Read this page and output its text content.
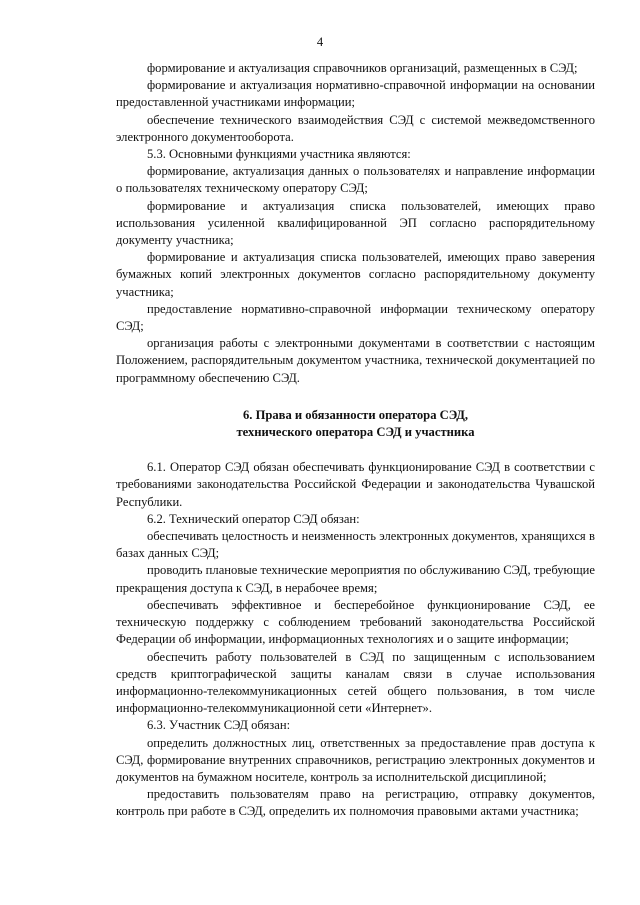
4

формирование и актуализация справочников организаций, размещенных в СЭД;

формирование и актуализация нормативно-справочной информации на основании предоставленной участниками информации;

обеспечение технического взаимодействия СЭД с системой межведомственного электронного документооборота.

5.3. Основными функциями участника являются:

формирование, актуализация данных о пользователях и направление информации о пользователях техническому оператору СЭД;

формирование и актуализация списка пользователей, имеющих право использования усиленной квалифицированной ЭП согласно распорядительному документу участника;

формирование и актуализация списка пользователей, имеющих право заверения бумажных копий электронных документов согласно распорядительному документу участника;

предоставление нормативно-справочной информации техническому оператору СЭД;

организация работы с электронными документами в соответствии с настоящим Положением, распорядительным документом участника, технической документацией по программному обеспечению СЭД.

6. Права и обязанности оператора СЭД,
технического оператора СЭД и участника

6.1. Оператор СЭД обязан обеспечивать функционирование СЭД в соответствии с требованиями законодательства Российской Федерации и законодательства Чувашской Республики.

6.2. Технический оператор СЭД обязан:

обеспечивать целостность и неизменность электронных документов, хранящихся в базах данных СЭД;

проводить плановые технические мероприятия по обслуживанию СЭД, требующие прекращения доступа к СЭД, в нерабочее время;

обеспечивать эффективное и бесперебойное функционирование СЭД, ее техническую поддержку с соблюдением требований законодательства Российской Федерации об информации, информационных технологиях и о защите информации;

обеспечить работу пользователей в СЭД по защищенным с использованием средств криптографической защиты каналам связи в случае использования информационно-телекоммуникационных сетей общего пользования, в том числе информационно-телекоммуникационной сети «Интернет».

6.3. Участник СЭД обязан:

определить должностных лиц, ответственных за предоставление прав доступа к СЭД, формирование внутренних справочников, регистрацию электронных документов и документов на бумажном носителе, контроль за исполнительской дисциплиной;

предоставить пользователям право на регистрацию, отправку документов, контроль при работе в СЭД, определить их полномочия правовыми актами участника;
